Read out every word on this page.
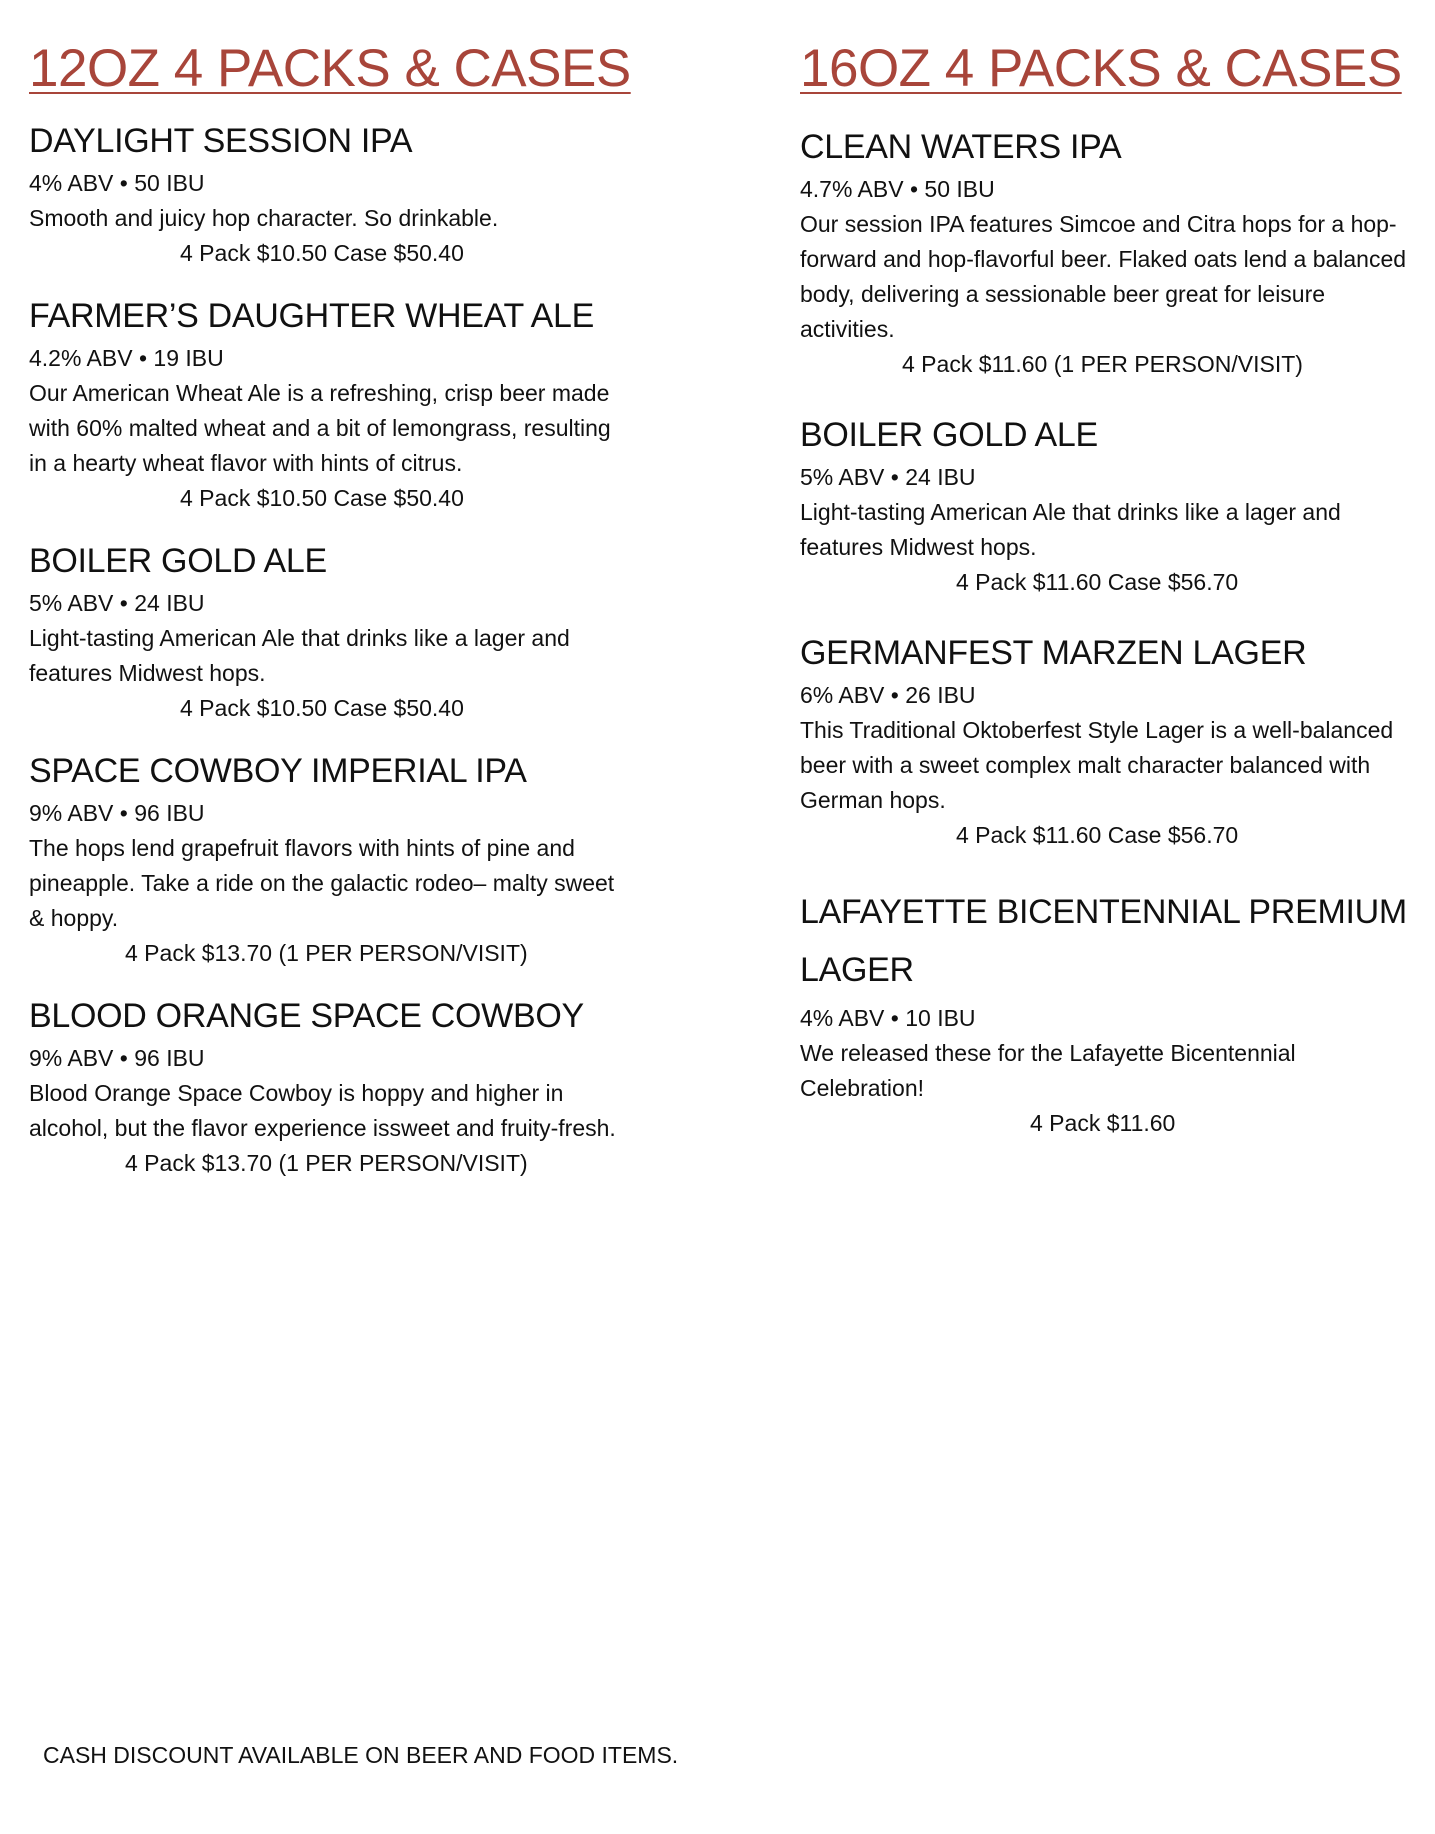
12OZ 4 PACKS & CASES
DAYLIGHT SESSION IPA

4% ABV • 50 IBU

Smooth and juicy hop character. So drinkable.

4 Pack $10.50 Case $50.40

FARMER’S DAUGHTER WHEAT ALE

4.2% ABV • 19 IBU

Our American Wheat Ale is a refreshing, crisp beer made with 60% malted wheat and a bit of lemongrass, resulting in a hearty wheat flavor with hints of citrus.

4 Pack $10.50 Case $50.40

BOILER GOLD ALE

5% ABV • 24 IBU

Light-tasting American Ale that drinks like a lager and features Midwest hops.

4 Pack $10.50 Case $50.40

SPACE COWBOY IMPERIAL IPA

9% ABV • 96 IBU

The hops lend grapefruit flavors with hints of pine and pineapple. Take a ride on the galactic rodeo– malty sweet & hoppy.

4 Pack $13.70 (1 PER PERSON/VISIT)

BLOOD ORANGE SPACE COWBOY

9% ABV • 96 IBU

Blood Orange Space Cowboy is hoppy and higher in alcohol, but the flavor experience issweet and fruity-fresh.

4 Pack $13.70 (1 PER PERSON/VISIT)

16OZ 4 PACKS & CASES
CLEAN WATERS IPA

4.7% ABV • 50 IBU

Our session IPA features Simcoe and Citra hops for a hop-forward and hop-flavorful beer. Flaked oats lend a balanced body, delivering a sessionable beer great for leisure activities.

4 Pack $11.60 (1 PER PERSON/VISIT)

BOILER GOLD ALE

5% ABV • 24 IBU

Light-tasting American Ale that drinks like a lager and features Midwest hops.

4 Pack $11.60 Case $56.70

GERMANFEST MARZEN LAGER

6% ABV • 26 IBU

This Traditional Oktoberfest Style Lager is a well-balanced beer with a sweet complex malt character balanced with German hops.

4 Pack $11.60 Case $56.70

LAFAYETTE BICENTENNIAL PREMIUM LAGER

4% ABV • 10 IBU

We released these for the Lafayette Bicentennial Celebration!

4 Pack $11.60

CASH DISCOUNT AVAILABLE ON BEER AND FOOD ITEMS.
